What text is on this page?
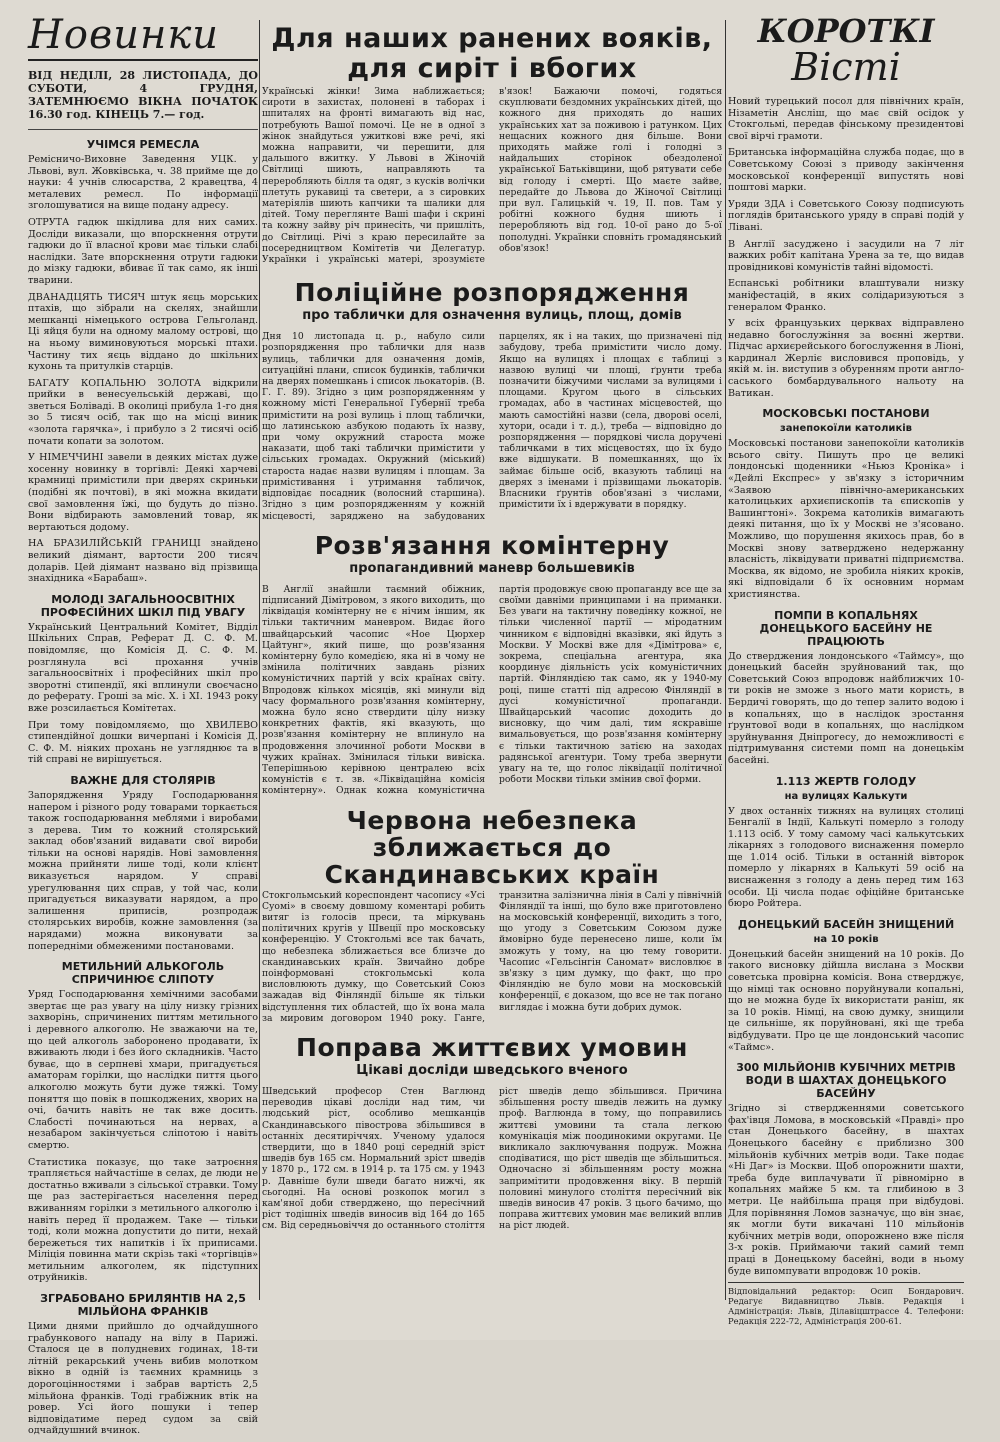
Новинки

ВІД НЕДІЛІ, 28 ЛИСТОПАДА, ДО СУБОТИ, 4 ГРУДНЯ, ЗАТЕМНЮЄМО ВІКНА ПОЧАТОК 16.30 год. КІНЕЦЬ 7.— год.

УЧІМСЯ РЕМЕСЛА

Ремісничо-Виховне Заведення УЦК. у Львові, вул. Жовківська, ч. 38 прийме ще до науки: 4 учнів слюсарства, 2 кравецтва, 4 металевих ремесл. По інформації зголошуватися на вище подану адресу.

ОТРУТА гадюк шкідлива для них самих. Досліди виказали, що впорскнення отрути гадюки до її власної крови має тільки слабі наслідки. Зате впорскнення отрути гадюки до мізку гадюки, вбиває її так само, як інші тварини.

ДВАНАДЦЯТЬ ТИСЯЧ штук яєць морських птахів, що зібрали на скелях, знайшли мешканці німецького острова Гельголанд. Ці яйця були на одному малому острові, що на ньому виминовуються морські птахи. Частину тих яєць віддано до шкільних кухонь та притулків старців.

БАГАТУ КОПАЛЬНЮ ЗОЛОТА відкрили прийки в венесуельській державі, що зветься Боліваді. В околиці прибула 1-го дня зо 5 тисяч осіб, так що на місці виник «золота гарячка», і прибуло з 2 тисячі осіб почати копати за золотом.

У НІМЕЧЧИНІ завели в деяких містах дуже хосенну новинку в торгівлі: Деякі харчеві крамниці примістили при дверях скриньки (подібні як почтові), в які можна вкидати свої замовлення їжі, що будуть до пізно. Вони відбирають замовлений товар, як вертаються додому.

НА БРАЗИЛІЙСЬКІЙ ГРАНИЦІ знайдено великий діямант, вартости 200 тисяч доларів. Цей діямант названо від прізвища знахідника «Барабаш».

МОЛОДІ ЗАГАЛЬНООСВІТНІХ ПРОФЕСІЙНИХ ШКІЛ ПІД УВАГУ

Український Центральний Комітет, Відділ Шкільних Справ, Реферат Д. С. Ф. М. повідомляє, що Комісія Д. С. Ф. М. розглянула всі прохання учнів загальноосвітніх і професійних шкіл про зворотні стипендії, які вплинули своєчасно до реферату. Гроші за міс. X. і XI. 1943 року вже розсилається Комітетах.

При тому повідомляємо, що ХВИЛЕВО стипендійної дошки вичерпані і Комісія Д. С. Ф. М. ніяких прохань не узгляднює та в тій справі не вирішується.

ВАЖНЕ ДЛЯ СТОЛЯРІВ

Запорядження Уряду Господарювання напером і різного роду товарами торкається також господарювання меблями і виробами з дерева. Тим то кожний столярський заклад обов'язаний видавати свої вироби тільки на основі нарядів. Нові замовлення можна прийняти лише тоді, коли клієнт виказується нарядом. У справі урегулювання цих справ, у той час, коли пригадується виказувати нарядом, а про залишення приписів, розпродаж столярських виробів, кожне замовлення (за нарядами) можна виконувати за попередніми обмеженими постановами.

МЕТИЛЬНИЙ АЛЬКОГОЛЬ СПРИЧИНЮЄ СЛІПОТУ

Уряд Господарювання хемічними засобами звертає ще раз увагу на цілу низку грізних захворінь, спричинених питтям метильного і деревного алкоголю. Не зважаючи на те, що цей алкоголь заборонено продавати, їх вживають люди і без його складників. Часто буває, що в серпневі хмари, пригадується аматорам горілки, що наслідки пиття цього алкоголю можуть бути дуже тяжкі. Тому поняття що повік в пошкоджених, хворих на очі, бачить навіть не так вже досить. Слабості починаються на нервах, а незабаром закінчується сліпотою і навіть смертю.

Статистика показує, що таке затроєння трапляється найчастіше в селах, де люди не достатньо вживали з сільської стравки. Тому ще раз застерігається населення перед вживанням горілки з метильного алкоголю і навіть перед її продажем. Таке — тільки тоді, коли можна допустити до пити, нехай бережеться тих напитків і їх приписами. Міліція повинна мати скрізь такі «торгівців» метильним алкоголем, як підступних отруйників.

ЗГРАБОВАНО БРИЛЯНТІВ НА 2,5 МІЛЬЙОНА ФРАНКІВ

Цими днями прийшло до одчайдушного грабункового нападу на вілу в Парижі. Сталося це в полудневих годинах, 18-ти літній рекарський учень вибив молотком вікно в одній із таємних крамниць з дорогоцінностями і забрав вартість 2,5 мільйона франків. Тоді грабіжник втік на ровер. Усі його пошуки і тепер відповідатиме перед судом за свій одчайдушний вчинок.

Для наших ранених вояків, для сиріт і вбогих

Українські жінки! Зима наближається; сироти в захистах, полонені в таборах і шпиталях на фронті вимагають від нас, потребують Вашої помочі. Це не в одної з жінок знайдуться ужиткові вже речі, які можна направити, чи перешити, для дальшого вжитку. У Львові в Жіночій Світлиці шиють, направляють та переробляють білля та одяг, з кусків волічки плетуть рукавиці та светери, а з сировких матеріялів шиють капчики та шалики для дітей. Тому переглянте Ваші шафи і скрині та кожну зайву річ принесіть, чи пришліть, до Світлиці. Річі з краю пересилайте за посередництвом Комітетів чи Делегатур. Українки і українські матері, зрозумієте в'язок! Бажаючи помочі, годяться скуплювати бездомних українських дітей, що кожного дня приходять до наших українських хат за поживою і ратунком. Цих нещасних кожного дня більше. Вони приходять майже голі і голодні з найдальших сторінок обездоленої української Батьківщини, щоб рятувати себе від голоду і смерті. Що маєте зайве, передайте до Львова до Жіночої Світлиці при вул. Галицькій ч. 19, II. пов. Там у робітні кожного будня шиють і переробляють від год. 10-ої рано до 5-ої пополудні. Українки сповніть громадянський обов'язок!

Поліційне розпорядження
про таблички для означення вулиць, площ, домів

Дня 10 листопада ц. р., набуло сили розпорядження про таблички для назв вулиць, таблички для означення домів, ситуаційні плани, список будинків, таблички на дверях помешкань і список льокаторів. (В. Г. Г. 89). Згідно з цим розпорядженням у кожному місті Генеральної Губернії треба примістити на розі вулиць і площ таблички, що латинською азбукою подають їх назву, при чому окружний староста може наказати, щоб такі таблички примістити у сільських громадах. Окружний (міський) староста надає назви вулицям і площам. За примістивання і утримання табличок, відповідає посадник (волосний старшина). Згідно з цим розпорядженням у кожній місцевості, заряджено на забудованих парцелях, як і на таких, що призначені під забудову, треба примістити число дому. Якщо на вулицях і площах є таблиці з назвою вулиці чи площі, ґрунти треба позначити біжучими числами за вулицями і площами. Кругом цього в сільських громадах, або в частинах місцевостей, що мають самостійні назви (села, дворові оселі, хутори, осади і т. д.), треба — відповідно до розпорядження — порядкові числа доручені табличками в тих місцевостях, що їх будо вже відшукати. В помешканнях, що їх займає більше осіб, вказують таблиці на дверях з іменами і прізвищами льокаторів. Власники ґрунтів обов'язані з числами, примістити їх і вдержувати в порядку.

Розв'язання комінтерну
пропагандивний маневр большевиків

В Англії знайшли таємний обіжник, підписаний Дімітровом, з якого виходить, що ліквідація комінтерну не є нічим іншим, як тільки тактичним маневром. Видає його швайцарський часопис «Ное Цюрхер Цайтунг», який пише, що розв'язання комінтерну було комедією, яка ні в чому не змінила політичних завдань різних комуністичних партій у всіх країнах світу. Впродовж кількох місяців, які минули від часу формального розв'язання комінтерну, можна було ясно ствердити цілу низку конкретних фактів, які вказують, що розв'язання комінтерну не вплинуло на продовження злочинної роботи Москви в чужих країнах. Змінилася тільки вивіска. Теперішньою керівною централею всіх комуністів є т. зв. «Ліквідаційна комісія комінтерну». Однак кожна комуністична партія продовжує свою пропаганду все ще за своїми давніми принципами і на приманки. Без уваги на тактичну поведінку кожної, не тільки численної партії — міродатним чинником є відповідні вказівки, які йдуть з Москви. У Москві вже для «Дімітрова» є, зокрема, спеціальна агентура, яка координує діяльність усіх комуністичних партій. Фінляндією так само, як у 1940-му році, пише статті під адресою Фінляндії в дусі комуністичної пропаганди. Швайцарський часопис доходить до висновку, що чим далі, тим яскравіше вимальовується, що розв'язання комінтерну є тільки тактичною затією на заходах радянської агентури. Тому треба звернути увагу на те, що голос ліквідації політичної роботи Москви тільки змінив свої форми.

Червона небезпека зближається до Скандинавських країн

Стокгольмський кореспондент часопису «Усі Суомі» в своєму довшому коментарі робить витяг із голосів преси, та міркувань політичних кругів у Швеції про московську конференцію. У Стокгольмі все так бачать, що небезпека зближається все близче до скандинавських країн. Звичайно добре поінформовані стокгольмські кола висловлюють думку, що Советський Союз зажадав від Фінляндії більше як тільки відступлення тих областей, що їх вона мала за мировим договором 1940 року. Ганге, транзитна залізнична лінія в Салі у північній Фінляндії та інші, що було вже приготовлено на московській конференції, виходить з того, що угоду з Советським Союзом дуже ймовірно буде перенесено лише, коли їм зможуть у тому, на цю тему говорити. Часопис «Гельсінгін Саномат» висловлює в зв'язку з цим думку, що факт, що про Фінляндію не було мови на московській конференції, є доказом, що все не так погано виглядає і можна бути добрих думок.

Поправа життєвих умовин
Цікаві досліди шведського вченого

Шведський професор Стен Ваглюнд переводив цікаві досліди над тим, чи людський ріст, особливо мешканців Скандинавського півострова збільшився в останніх десятиріччях. Ученому удалося ствердити, що в 1840 році середній зріст шведів був 165 см. Нормальний зріст шведів у 1870 р., 172 см. в 1914 р. та 175 см. у 1943 р. Давніше були шведи багато нижчі, як сьогодні. На основі розкопок могил з кам'яної доби стверджено, що пересічний ріст тодішніх шведів виносив від 164 до 165 см. Від середньовіччя до останнього століття ріст шведів дещо збільшився. Причина збільшення росту шведів лежить на думку проф. Ваглюнда в тому, що поправились життєві умовини та стала легкою комунікація між поодинокими округами. Це викликало заключування подруж. Можна сподіватися, що ріст шведів ще збільшиться. Одночасно зі збільшенням росту можна запримітити продовження віку. В першій половині минулого століття пересічний вік шведів виносив 47 років. З цього бачимо, що поправа життєвих умовин має великий вплив на ріст людей.

КОРОТКІ
Вісті

Новий турецький посол для північних країн, Нізаметін Ансліш, що має свій осідок у Стокгольмі, передав фінському президентові свої вірчі грамоти.

Британська інформаційна служба подає, що в Советському Союзі з приводу закінчення московської конференції випустять нові поштові марки.

Уряди ЗДА і Советського Союзу подписують поглядів британського уряду в справі подій у Лівані.

В Англії засуджено і засудили на 7 літ важких робіт капітана Урена за те, що видав провідникові комуністів тайні відомості.

Еспанські робітники влаштували низку маніфестацій, в яких солідаризуються з генералом Франко.

У всіх французьких церквах відправлено недавно богослужіння за воєнні жертви. Підчас архиєрейського богослуження в Ліоні, кардинал Жерліє висловився проповідь, у якій м. ін. виступив з обуренням проти англо-саського бомбардувального нальоту на Ватикан.

МОСКОВСЬКІ ПОСТАНОВИ
занепокоїли католиків

Московські постанови занепокоїли католиків всього світу. Пишуть про це великі лондонські щоденники «Ньюз Кроніка» і «Дейлі Експрес» у зв'язку з історичним «Заявою північно-американських католицьких архиєпископів та єпископів у Вашингтоні». Зокрема католиків вимагають деякі питання, що їх у Москві не з'ясовано. Можливо, що порушення якихось прав, бо в Москві знову затверджено недержанну власність, ліквідувати приватні підприємства. Москва, як відомо, не зробила ніяких кроків, які відповідали б їх основним нормам християнства.

ПОМПИ В КОПАЛЬНЯХ ДОНЕЦЬКОГО БАСЕЙНУ НЕ ПРАЦЮЮТЬ

До стверджения лондонського «Таймсу», що донецький басейн зруйнований так, що Советський Союз впродовж найближчих 10-ти років не зможе з нього мати користь, в Бердичі говорять, що до тепер залито водою і в копальнях, що в наслідок зростання ґрунтової води в копальнях, що наслідком зруйнування Дніпрогесу, до неможливості є підтримування системи помп на донецькім басейні.

1.113 ЖЕРТВ ГОЛОДУ
на вулицях Калькути

У двох останніх тижнях на вулицях столиці Бенгалії в Індії, Калькуті померло з голоду 1.113 осіб. У тому самому часі калькутських лікарнях з голодового виснаження померло ще 1.014 осіб. Тільки в останній вівторок померло у лікарнях в Калькуті 59 осіб на виснаження з голоду а день перед тим 163 особи. Ці числа подає офіційне британське бюро Ройтера.

ДОНЕЦЬКИЙ БАСЕЙН ЗНИЩЕНИЙ
на 10 років

Донецький басейн знищений на 10 років. До такого висновку дійшла вислана з Москви советська провірна комісія. Вона стверджує, що німці так основно поруйнували копальні, що не можна буде їх використати раніш, як за 10 років. Німці, на свою думку, знищили це сильніше, як поруйновані, які ще треба відбудувати. Про це ще лондонський часопис «Таймс».

300 МІЛЬЙОНІВ КУБІЧНИХ МЕТРІВ ВОДИ В ШАХТАХ ДОНЕЦЬКОГО БАСЕЙНУ

Згідно зі ствердженнями советського фах'івця Ломова, в московській «Правді» про стан Донецького басейну, в шахтах Донецького басейну є приблизно 300 мільйонів кубічних метрів води. Таке подає «Ні Даг» із Москви. Щоб опорожнити шахти, треба буде виплачувати її рівномірно в копальнях майже 5 км. та глибиною в 3 метри. Це найбільша праця при відбудові. Для порівняння Ломов зазначує, що він знає, як могли бути викачані 110 мільйонів кубічних метрів води, опорожнено вже після 3-х років. Приймаючи такий самий темп праці в Донецькому басейні, води в ньому буде випомпувати впродовж 10 років.

Відповідальний редактор: Осип Бондарович. Редагує Видавництво Львів. Редакція і Адміністрація: Львів, Ділавіцштрассе 4. Телефони: Редакція 222-72, Адміністрація 200-61.
